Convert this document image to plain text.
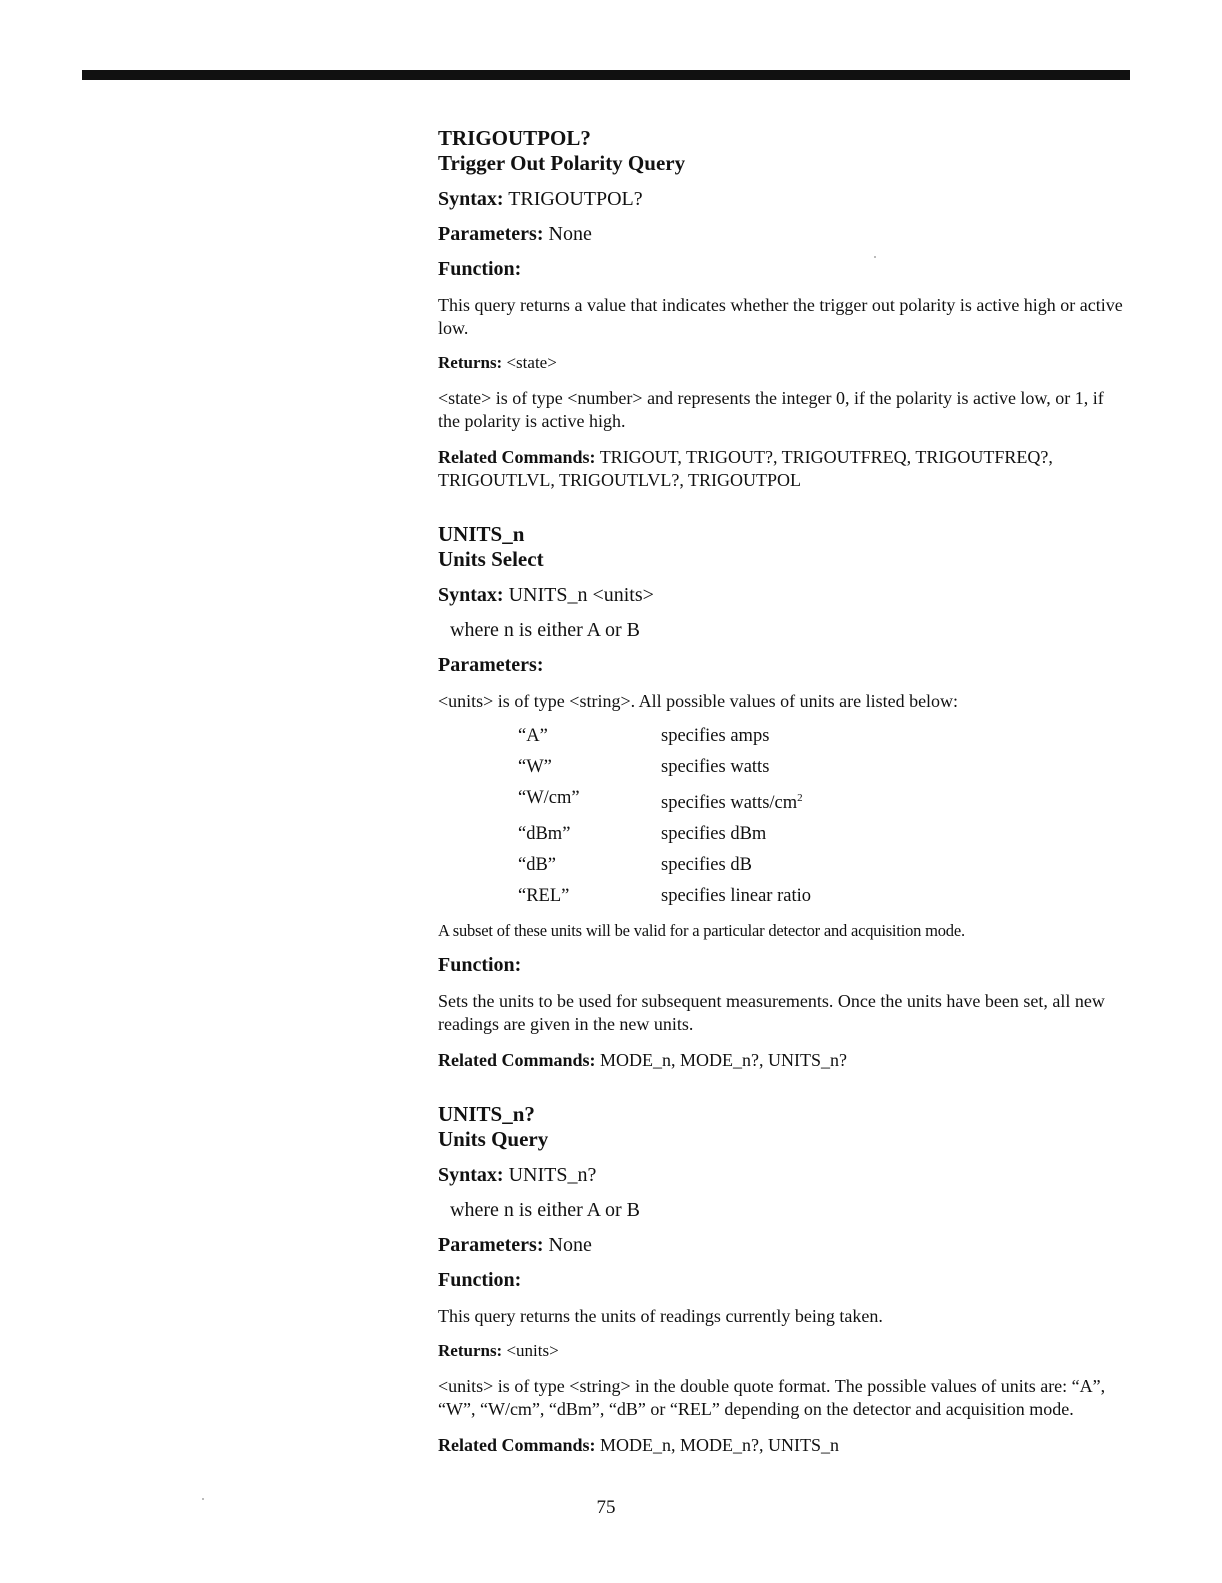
TRIGOUTPOL?
Trigger Out Polarity Query
Syntax: TRIGOUTPOL?
Parameters: None
Function:
This query returns a value that indicates whether the trigger out polarity is active high or active low.
Returns: <state>
<state> is of type <number> and represents the integer 0, if the polarity is active low, or 1, if the polarity is active high.
Related Commands: TRIGOUT, TRIGOUT?, TRIGOUTFREQ, TRIGOUTFREQ?, TRIGOUTLVL, TRIGOUTLVL?, TRIGOUTPOL
UNITS_n
Units Select
Syntax: UNITS_n <units>
where n is either A or B
Parameters:
<units> is of type <string>. All possible values of units are listed below:
“A”	specifies amps
“W”	specifies watts
“W/cm”	specifies watts/$cm^2$
“dBm”	specifies dBm
“dB”	specifies dB
“REL”	specifies linear ratio
A subset of these units will be valid for a particular detector and acquisition mode.
Function:
Sets the units to be used for subsequent measurements. Once the units have been set, all new readings are given in the new units.
Related Commands: MODE_n, MODE_n?, UNITS_n?
UNITS_n?
Units Query
Syntax: UNITS_n?
where n is either A or B
Parameters: None
Function:
This query returns the units of readings currently being taken.
Returns: <units>
<units> is of type <string> in the double quote format. The possible values of units are: “A”, “W”, “W/cm”, “dBm”, “dB” or “REL” depending on the detector and acquisition mode.
Related Commands: MODE_n, MODE_n?, UNITS_n
75
